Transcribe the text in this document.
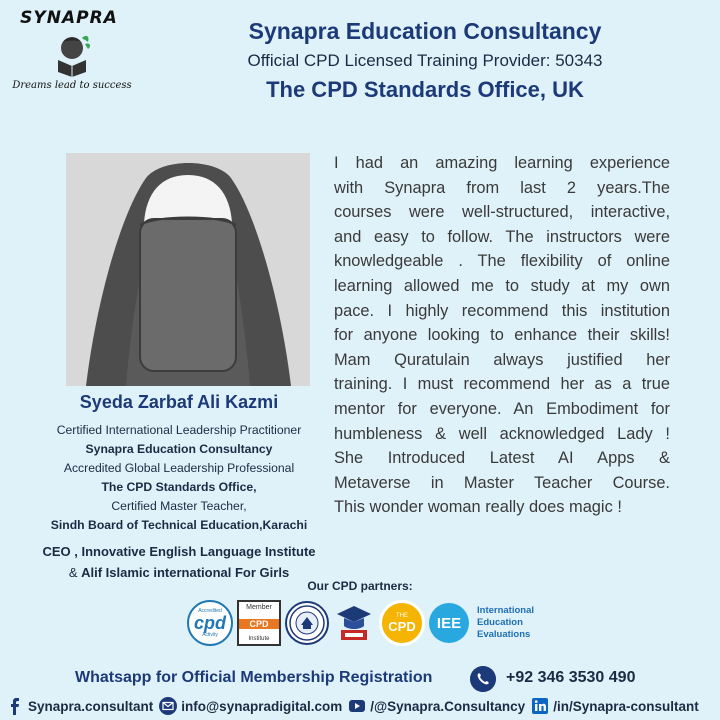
SYNAPRA
Dreams lead to success
Synapra Education Consultancy
Official CPD Licensed Training Provider: 50343
The CPD Standards Office, UK
Syeda Zarbaf Ali Kazmi
Certified International Leadership Practitioner
Synapra Education Consultancy
Accredited Global Leadership Professional
The CPD Standards Office,
Certified Master Teacher,
Sindh Board of Technical Education,Karachi
CEO , Innovative English Language Institute
& Alif Islamic international For Girls
I had an amazing learning experience
with Synapra from last 2 years.The
courses were well-structured, interactive,
and easy to follow. The instructors were
knowledgeable . The flexibility of online
learning allowed me to study at my own
pace. I highly recommend this institution
for anyone looking to enhance their skills!
Mam Quratulain always justified her
training. I must recommend her as a true
mentor for everyone. An Embodiment for
humbleness & well acknowledged Lady !
She Introduced Latest AI Apps &
Metaverse in Master Teacher Course.
This wonder woman really does magic !
Our CPD partners:
Accredited
cpd
Activity
Member
CPD
Institute
THE
CPD	IEE
International
Education
Evaluations
Whatsapp for Official Membership Registration	+92 346 3530 490
Synapra.consultant info@synapradigital.com /@Synapra.Consultancy /in/Synapra-consultant
